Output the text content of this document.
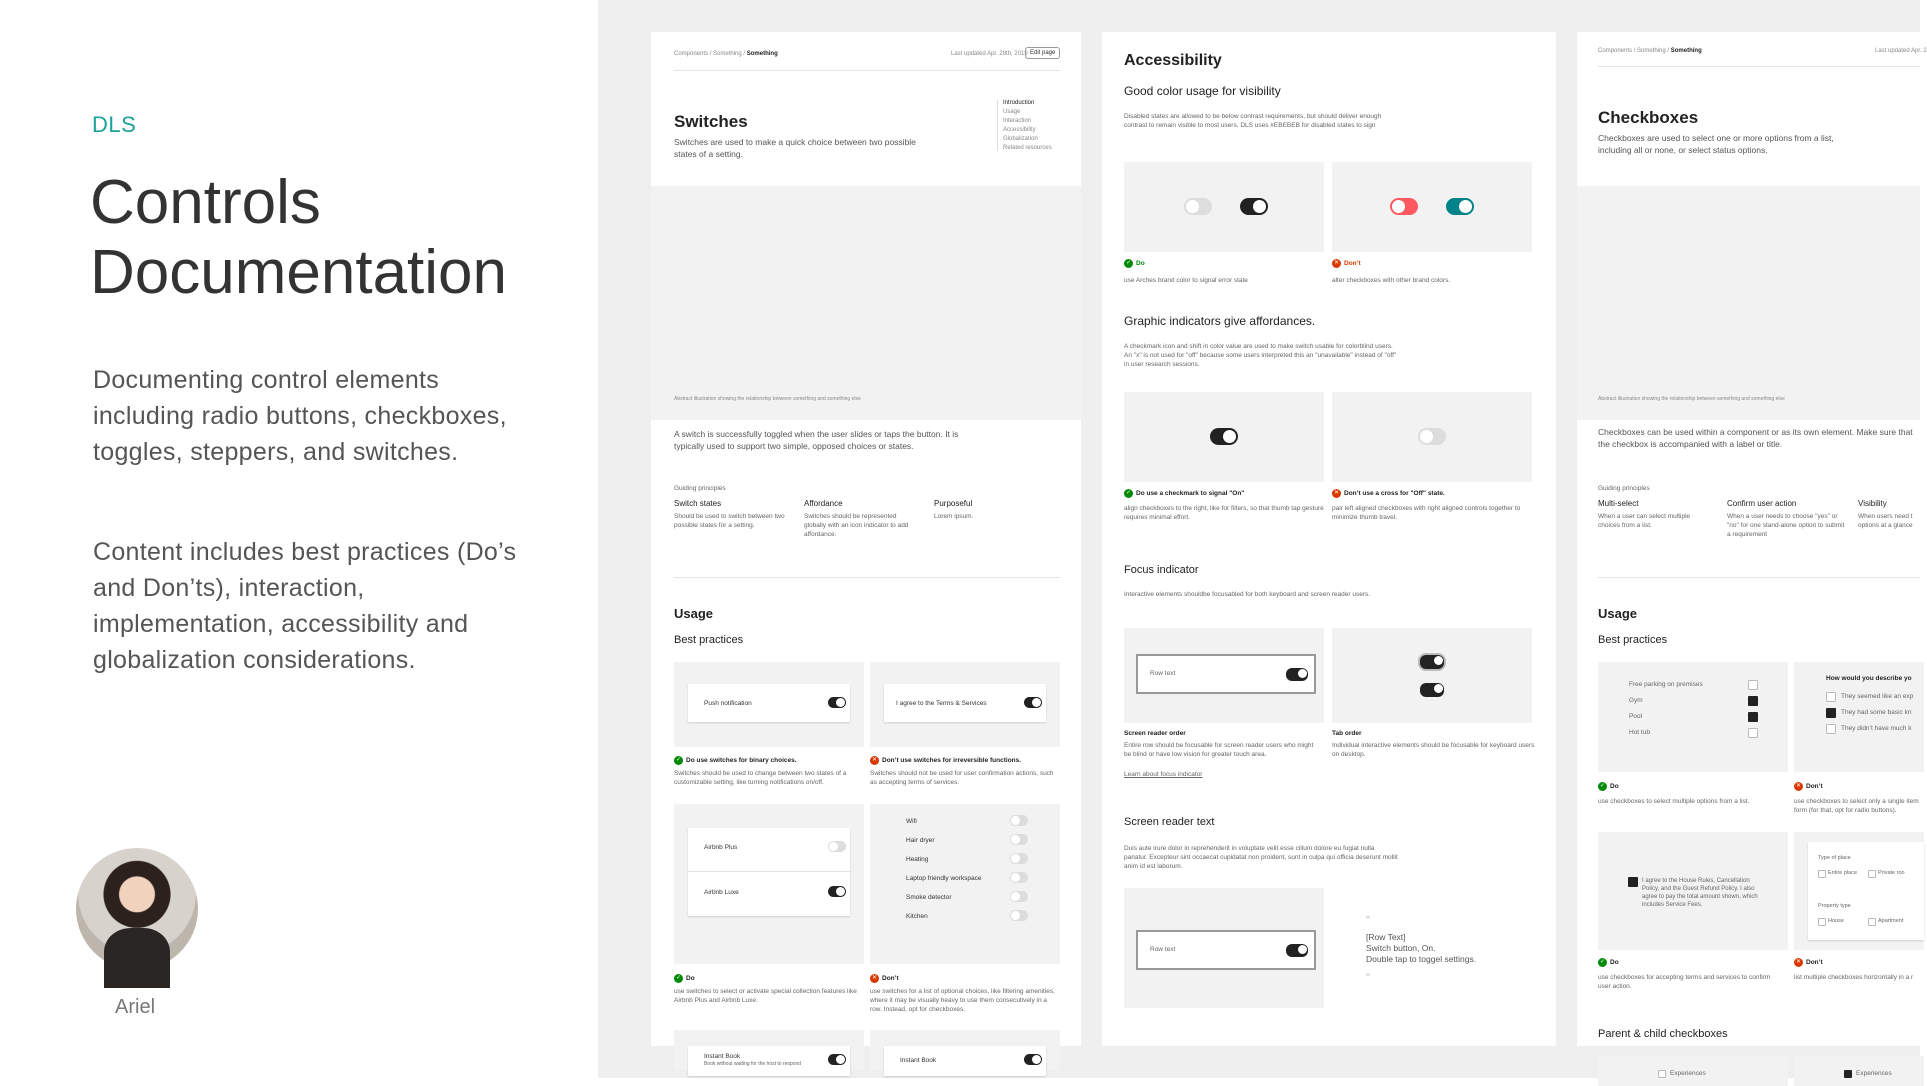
DLS
Controls
Documentation

Documenting control elements including radio buttons, checkboxes, toggles, steppers, and switches.

Content includes best practices (Do’s and Don’ts), interaction, implementation, accessibility and globalization considerations.

Ariel
Components / Something / Something	Last updated Apr. 28th, 2019 Edit page
Switches
Switches are used to make a quick choice between two possible states of a setting.
Introduction
Usage
Interaction
Accessibility
Globalization
Related resources
Abstract illustration showing the relationship between something and something else
A switch is successfully toggled when the user slides or taps the button. It is typically used to support two simple, opposed choices or states.
Guiding principles
Switch states
Should be used to switch between two possible states for a setting.
Affordance
Switches should be represented globally with an icon indicator to add affordance.
Purposeful
Lorem ipsum.
Usage
Best practices
Push notification	I agree to the Terms & Services
✓ Do use switches for binary choices.
Switches should be used to change between two states of a customizable setting, like turning notifications on/off.
✕ Don’t use switches for irreversible functions.
Switches should not be used for user confirmation actions, such as accepting terms of services.
Airbnb Plus
Airbnb Luxe
Wifi
Hair dryer
Heating
Laptop friendly workspace
Smoke detector
Kitchen
✓ Do
use switches to select or activate special collection features like Airbnb Plus and Airbnb Luxe.
✕ Don’t
use switches for a list of optional choices, like filtering amenities, where it may be visually heavy to use them consecutively in a row. Instead, opt for checkboxes.
Instant Book
Book without waiting for the host to respond	Instant Book
Accessibility
Good color usage for visibility
Disabled states are allowed to be below contrast requirements, but should deliver enough contrast to remain visible to most users. DLS uses #EBEBEB for disabled states to sign
✓ Do
use Arches brand color to signal error state
✕ Don’t
alter checkboxes with other brand colors.
Graphic indicators give affordances.
A checkmark icon and shift in color value are used to make switch usable for colorblind users. An "x" is not used for "off" because some users interpreted this an "unavailable" instead of "off" in user research sessions.
✓ Do use a checkmark to signal "On"
align checkboxes to the right, like for filters, so that thumb tap gesture requires minimal effort.
✕ Don’t use a cross for "Off" state.
pair left aligned checkboxes with right aligned controls together to minimize thumb travel.
Focus indicator
Interactive elements shouldbe focusabled for both keyboard and screen reader users.
Row text
Screen reader order
Entire row should be focusable for screen reader users who might be blind or have low vision for greater touch area.
Tab order
Individual interactive elements should be focusable for keyboard users on desktop.
Learn about focus indicator
Screen reader text
Duis aute irure dolor in reprehenderit in voluptate velit esse cillum dolore eu fugiat nulla pariatur. Excepteur sint occaecat cupidatat non proident, sunt in culpa qui officia deserunt mollit anim id est laborum.
Row text
“
[Row Text]
Switch button, On.
Double tap to toggel settings.
”
Components / Something / Something	Last updated Apr. 2
Checkboxes
Checkboxes are used to select one or more options from a list, including all or none, or select status options.
Abstract illustration showing the relationship between something and something else
Checkboxes can be used within a component or as its own element. Make sure that the checkbox is accompanied with a label or title.
Guiding principles
Multi-select
When a user can select multiple choices from a list.
Confirm user action
When a user needs to choose "yes" or "no" for one stand-alone option to submit a requirement
Visibility
When users need t options at a glance
Usage
Best practices
Free parking on premises
Gym
Pool
Hot tub
How would you describe yo
They seemed like an exp
They had some basic kn
They didn’t have much k
✓ Do
use checkboxes to select multiple options from a list.
✕ Don’t
use checkboxes to select only a single item form (for that, opt for radio buttons).
I agree to the House Rules, Cancellation Policy, and the Guest Refund Policy. I also agree to pay the total amount shown, which includes Service Fees.
Type of place
Entire place	Private roo
Property type
House	Apartment
✓ Do
use checkboxes for accepting terms and services to confirm user action.
✕ Don’t
list multiple checkboxes horizontally in a r
Parent & child checkboxes
Experiences	Experiences
